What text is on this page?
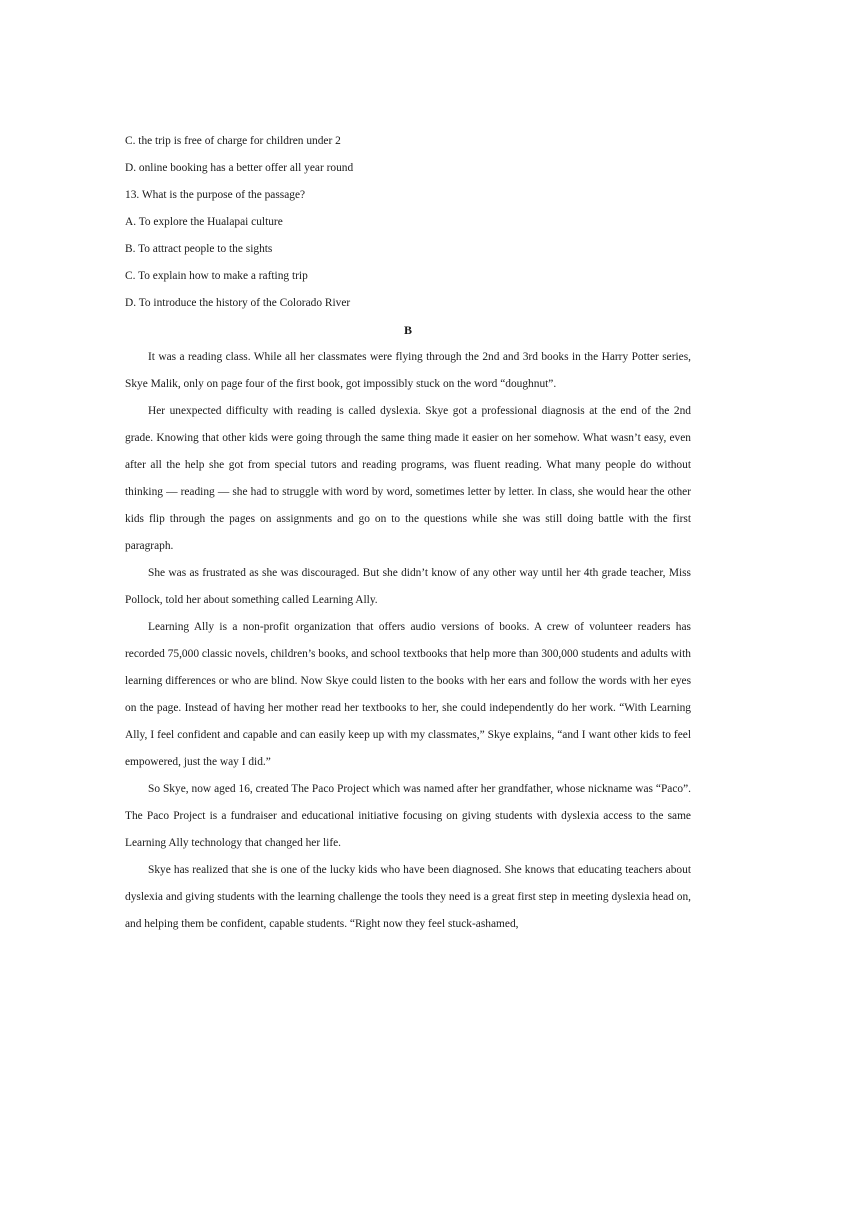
C. the trip is free of charge for children under 2
D. online booking has a better offer all year round
13. What is the purpose of the passage?
A. To explore the Hualapai culture
B. To attract people to the sights
C. To explain how to make a rafting trip
D. To introduce the history of the Colorado River
B

It was a reading class. While all her classmates were flying through the 2nd and 3rd books in the Harry Potter series, Skye Malik, only on page four of the first book, got impossibly stuck on the word “doughnut”.

Her unexpected difficulty with reading is called dyslexia. Skye got a professional diagnosis at the end of the 2nd grade. Knowing that other kids were going through the same thing made it easier on her somehow. What wasn’t easy, even after all the help she got from special tutors and reading programs, was fluent reading. What many people do without thinking — reading — she had to struggle with word by word, sometimes letter by letter. In class, she would hear the other kids flip through the pages on assignments and go on to the questions while she was still doing battle with the first paragraph.

She was as frustrated as she was discouraged. But she didn’t know of any other way until her 4th grade teacher, Miss Pollock, told her about something called Learning Ally.

Learning Ally is a non-profit organization that offers audio versions of books. A crew of volunteer readers has recorded 75,000 classic novels, children’s books, and school textbooks that help more than 300,000 students and adults with learning differences or who are blind. Now Skye could listen to the books with her ears and follow the words with her eyes on the page. Instead of having her mother read her textbooks to her, she could independently do her work. “With Learning Ally, I feel confident and capable and can easily keep up with my classmates,” Skye explains, “and I want other kids to feel empowered, just the way I did.”

So Skye, now aged 16, created The Paco Project which was named after her grandfather, whose nickname was “Paco”. The Paco Project is a fundraiser and educational initiative focusing on giving students with dyslexia access to the same Learning Ally technology that changed her life.

Skye has realized that she is one of the lucky kids who have been diagnosed. She knows that educating teachers about dyslexia and giving students with the learning challenge the tools they need is a great first step in meeting dyslexia head on, and helping them be confident, capable students. “Right now they feel stuck-ashamed,
